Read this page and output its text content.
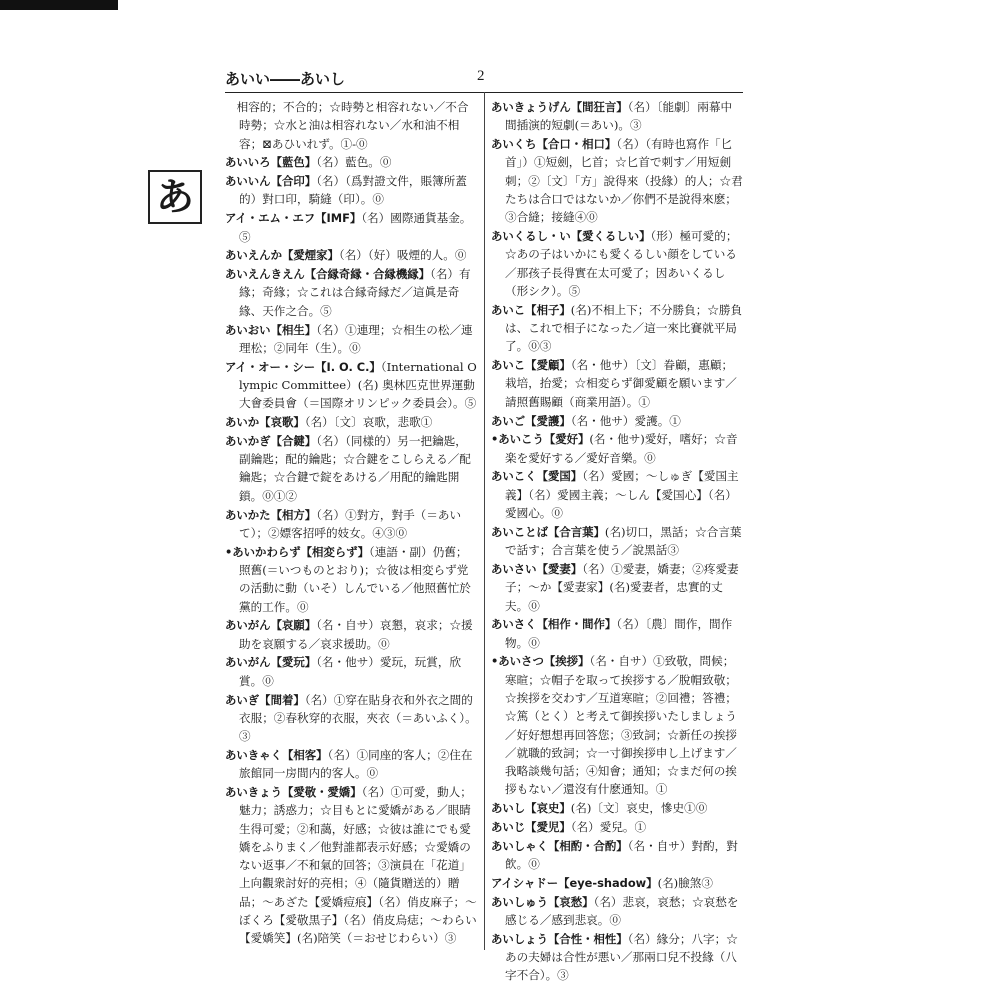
あ
あいい――あいし	2
　相容的；不合的；☆時勢と相容れない／不合時勢；☆水と油は相容れない／水和油不相容；⊠あひいれず。①-⓪
あいいろ【藍色】（名）藍色。⓪
あいいん【合印】（名）（爲對證文件，賬簿所蓋的）對口印，騎縫（印）。⓪
アイ・エム・エフ【IMF】（名）國際通貨基金。⑤
あいえんか【愛煙家】（名）（好）吸煙的人。⓪
あいえんきえん【合縁奇縁・合縁機縁】（名）有緣；奇緣；☆これは合縁奇縁だ／這眞是奇緣、天作之合。⑤
あいおい【相生】（名）①連理；☆相生の松／連理松；②同年（生）。⓪
アイ・オー・シー【I. O. C.】（International Olympic Committee）(名) 奥林匹克世界運動大會委員會（＝国際オリンピック委員会）。⑤
あいか【哀歌】（名）〔文〕哀歌，悲歌①
あいかぎ【合鍵】（名）（同樣的）另一把鑰匙，副鑰匙；配的鑰匙；☆合鍵をこしらえる／配鑰匙；☆合鍵で錠をあける／用配的鑰匙開鎖。⓪①②
あいかた【相方】（名）①對方，對手（＝あいて）；②嫖客招呼的妓女。④③⓪
•あいかわらず【相変らず】（連語・副）仍舊；照舊(＝いつものとおり)；☆彼は相変らず党の活動に動（いそ）しんでいる／他照舊忙於黨的工作。⓪
あいがん【哀願】（名・自サ）哀懇，哀求；☆援助を哀願する／哀求援助。⓪
あいがん【愛玩】（名・他サ）愛玩，玩賞，欣賞。⓪
あいぎ【間着】（名）①穿在貼身衣和外衣之間的衣服；②春秋穿的衣服，夾衣（＝あいふく）。③
あいきゃく【相客】（名）①同座的客人；②住在旅館同一房間内的客人。⓪
あいきょう【愛敬・愛嬌】（名）①可愛，動人；魅力；誘惑力；☆目もとに愛嬌がある／眼睛生得可愛；②和藹，好感；☆彼は誰にでも愛嬌をふりまく／他對誰都表示好感；☆愛嬌のない返事／不和氣的回答；③演員在「花道」上向觀衆討好的亮相；④（隨貨贈送的）贈品；～あざた【愛嬌痘痕】（名）俏皮麻子；～ぼくろ【愛敬黒子】（名）俏皮烏痣；～わらい【愛嬌笑】(名)陪笑（＝おせじわらい）③
あいきょうげん【間狂言】（名）〔能劇〕兩幕中間插演的短劇(＝あい)。③
あいくち【合口・相口】（名）（有時也寫作「匕首」）①短劍，匕首；☆匕首で刺す／用短劍刺；②〔文〕「方」說得來（投緣）的人；☆君たちは合口ではないか／你們不是說得來麽；③合縫；接縫④⓪
あいくるし・い【愛くるしい】（形）極可愛的；☆あの子はいかにも愛くるしい顔をしている／那孩子長得實在太可愛了；因あいくるし（形シク）。⑤
あいこ【相子】(名)不相上下；不分勝負；☆勝負は、これで相子になった／這一來比賽就平局了。⓪③
あいこ【愛顧】（名・他サ）〔文〕眷顧，惠顧；栽培，抬愛；☆相変らず御愛顧を願います／請照舊賜顧（商業用語）。①
あいご【愛護】（名・他サ）愛護。①
•あいこう【愛好】(名・他サ)愛好，嗜好；☆音楽を愛好する／愛好音樂。⓪
あいこく【愛国】（名）愛國；～しゅぎ【愛国主義】（名）愛國主義；～しん【愛国心】（名）愛國心。⓪
あいことば【合言葉】(名)切口，黑話；☆合言葉で話す；合言葉を使う／說黑話③
あいさい【愛妻】（名）①愛妻，嬌妻；②疼愛妻子；～か【愛妻家】(名)愛妻者，忠實的丈夫。⓪
あいさく【相作・間作】（名）〔農〕間作，間作物。⓪
•あいさつ【挨拶】（名・自サ）①致敬，問候；寒暄；☆帽子を取って挨拶する／脫帽致敬；☆挨拶を交わす／互道寒暄；②回禮；答禮；☆篤（とく）と考えて御挨拶いたしましょう／好好想想再回答您；③致詞；☆新任の挨拶／就職的致詞；☆一寸御挨拶申し上げます／我略談幾句話；④知會；通知；☆まだ何の挨拶もない／還沒有什麽通知。①
あいし【哀史】(名)〔文〕哀史，慘史①⓪
あいじ【愛児】（名）愛兒。①
あいしゃく【相酌・合酌】（名・自サ）對酌，對飲。⓪
アイシャドー【eye-shadow】(名)臉煞③
あいしゅう【哀愁】（名）悲哀，哀愁；☆哀愁を感じる／感到悲哀。⓪
あいしょう【合性・相性】（名）緣分；八字；☆あの夫婦は合性が悪い／那兩口兒不投緣（八字不合）。③
